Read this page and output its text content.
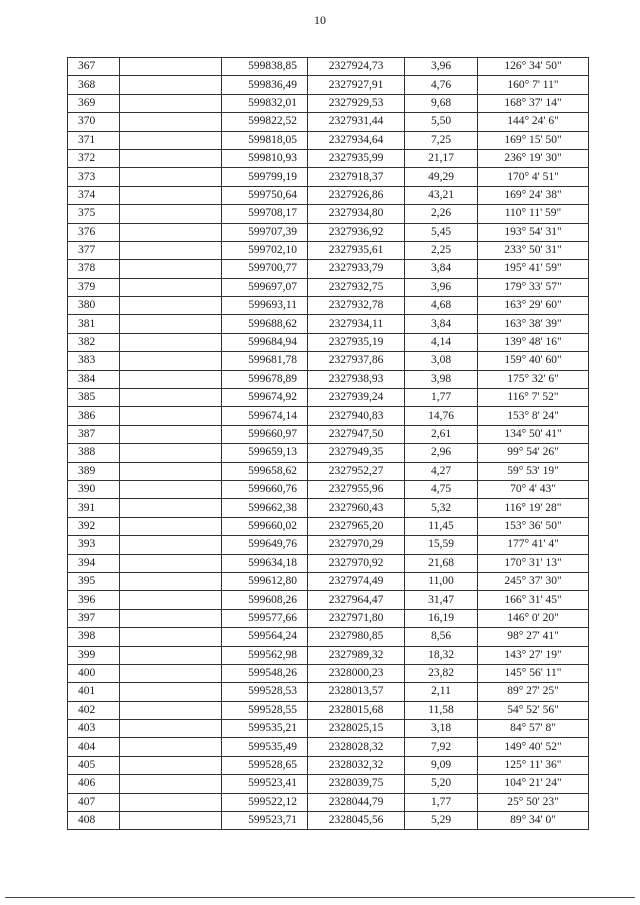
10
367		599838,85	2327924,73	3,96	126° 34' 50"
368		599836,49	2327927,91	4,76	160° 7' 11"
369		599832,01	2327929,53	9,68	168° 37' 14"
370		599822,52	2327931,44	5,50	144° 24' 6"
371		599818,05	2327934,64	7,25	169° 15' 50"
372		599810,93	2327935,99	21,17	236° 19' 30"
373		599799,19	2327918,37	49,29	170° 4' 51"
374		599750,64	2327926,86	43,21	169° 24' 38"
375		599708,17	2327934,80	2,26	110° 11' 59"
376		599707,39	2327936,92	5,45	193° 54' 31"
377		599702,10	2327935,61	2,25	233° 50' 31"
378		599700,77	2327933,79	3,84	195° 41' 59"
379		599697,07	2327932,75	3,96	179° 33' 57"
380		599693,11	2327932,78	4,68	163° 29' 60"
381		599688,62	2327934,11	3,84	163° 38' 39"
382		599684,94	2327935,19	4,14	139° 48' 16"
383		599681,78	2327937,86	3,08	159° 40' 60"
384		599678,89	2327938,93	3,98	175° 32' 6"
385		599674,92	2327939,24	1,77	116° 7' 52"
386		599674,14	2327940,83	14,76	153° 8' 24"
387		599660,97	2327947,50	2,61	134° 50' 41"
388		599659,13	2327949,35	2,96	99° 54' 26"
389		599658,62	2327952,27	4,27	59° 53' 19"
390		599660,76	2327955,96	4,75	70° 4' 43"
391		599662,38	2327960,43	5,32	116° 19' 28"
392		599660,02	2327965,20	11,45	153° 36' 50"
393		599649,76	2327970,29	15,59	177° 41' 4"
394		599634,18	2327970,92	21,68	170° 31' 13"
395		599612,80	2327974,49	11,00	245° 37' 30"
396		599608,26	2327964,47	31,47	166° 31' 45"
397		599577,66	2327971,80	16,19	146° 0' 20"
398		599564,24	2327980,85	8,56	98° 27' 41"
399		599562,98	2327989,32	18,32	143° 27' 19"
400		599548,26	2328000,23	23,82	145° 56' 11"
401		599528,53	2328013,57	2,11	89° 27' 25"
402		599528,55	2328015,68	11,58	54° 52' 56"
403		599535,21	2328025,15	3,18	84° 57' 8"
404		599535,49	2328028,32	7,92	149° 40' 52"
405		599528,65	2328032,32	9,09	125° 11' 36"
406		599523,41	2328039,75	5,20	104° 21' 24"
407		599522,12	2328044,79	1,77	25° 50' 23"
408		599523,71	2328045,56	5,29	89° 34' 0"
